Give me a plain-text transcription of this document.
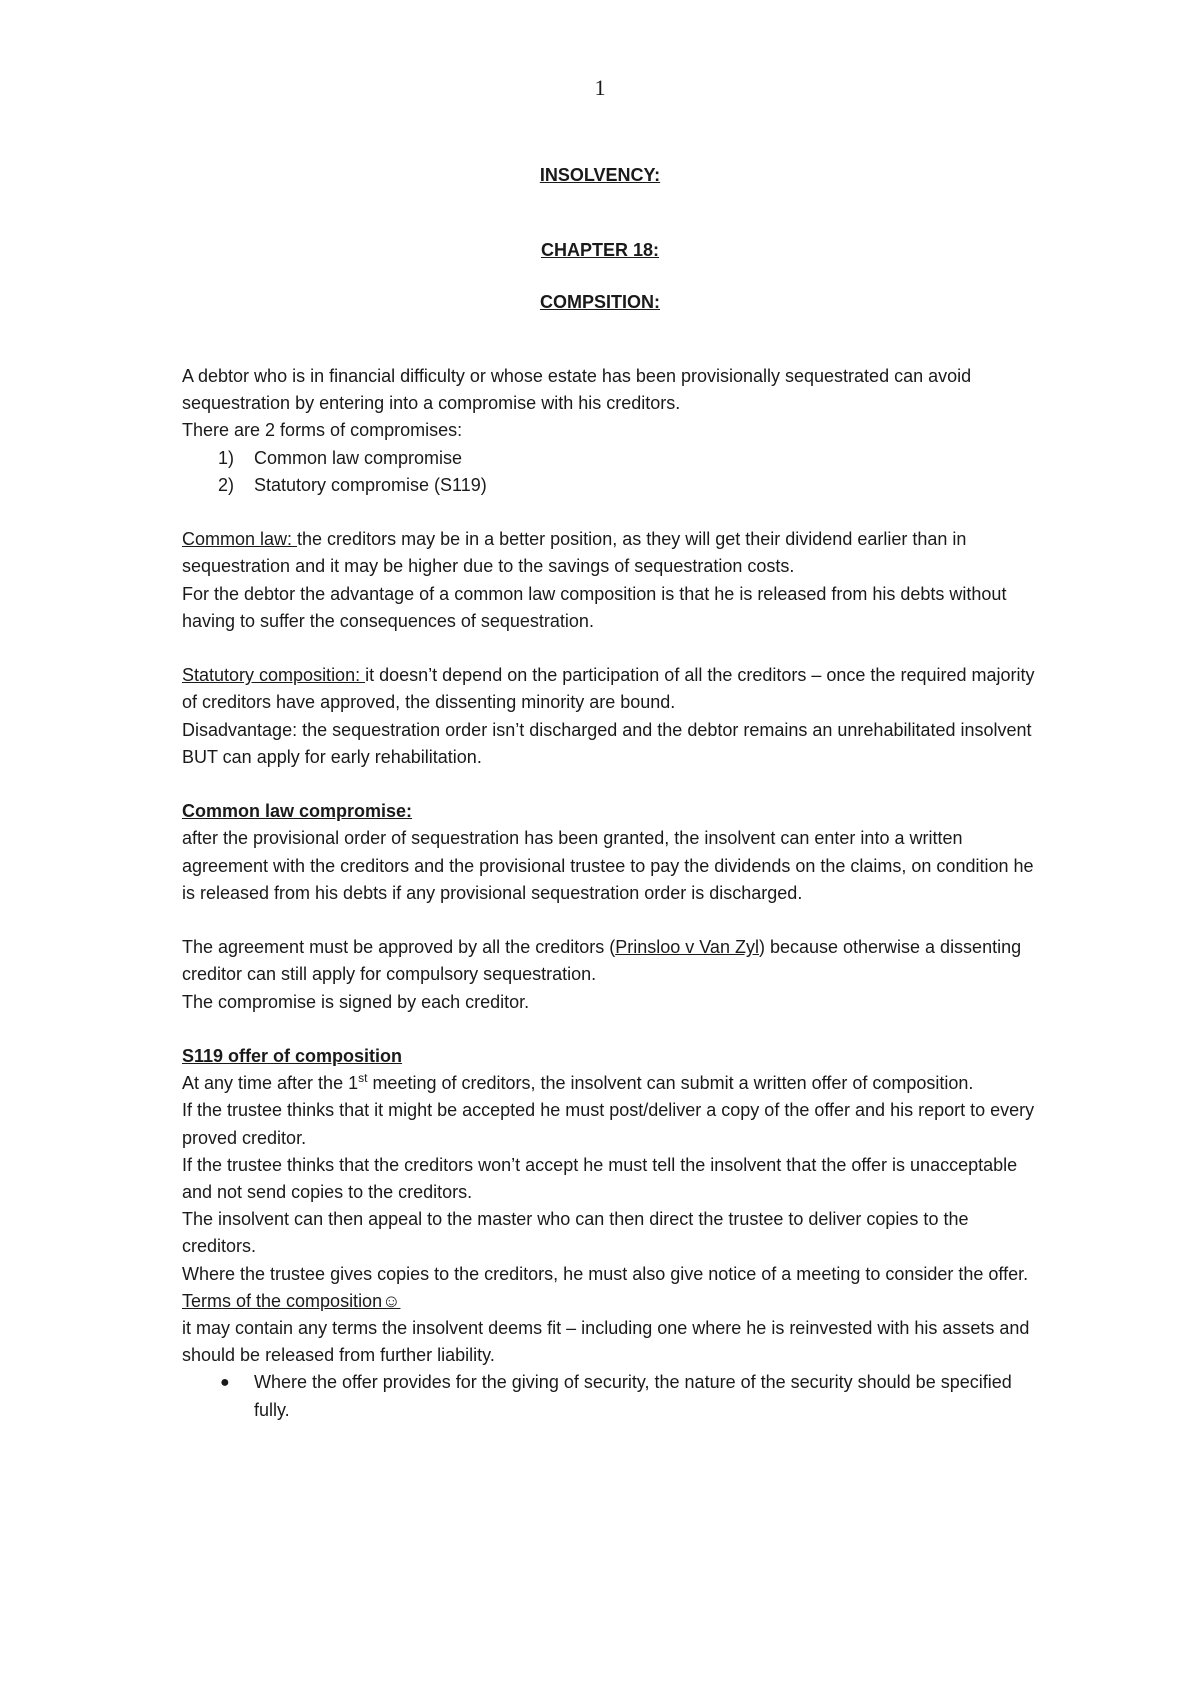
1
INSOLVENCY:
CHAPTER 18:
COMPSITION:

A debtor who is in financial difficulty or whose estate has been provisionally sequestrated can avoid sequestration by entering into a compromise with his creditors.

There are 2 forms of compromises:

1) Common law compromise
2) Statutory compromise (S119)

Common law: the creditors may be in a better position, as they will get their dividend earlier than in sequestration and it may be higher due to the savings of sequestration costs.

For the debtor the advantage of a common law composition is that he is released from his debts without having to suffer the consequences of sequestration.

Statutory composition: it doesn’t depend on the participation of all the creditors – once the required majority of creditors have approved, the dissenting minority are bound.

Disadvantage: the sequestration order isn’t discharged and the debtor remains an unrehabilitated insolvent BUT can apply for early rehabilitation.

Common law compromise:

after the provisional order of sequestration has been granted, the insolvent can enter into a written agreement with the creditors and the provisional trustee to pay the dividends on the claims, on condition he is released from his debts if any provisional sequestration order is discharged.

The agreement must be approved by all the creditors (Prinsloo v Van Zyl) because otherwise a dissenting creditor can still apply for compulsory sequestration.

The compromise is signed by each creditor.

S119 offer of composition

At any time after the 1st meeting of creditors, the insolvent can submit a written offer of composition.

If the trustee thinks that it might be accepted he must post/deliver a copy of the offer and his report to every proved creditor.

If the trustee thinks that the creditors won’t accept he must tell the insolvent that the offer is unacceptable and not send copies to the creditors.

The insolvent can then appeal to the master who can then direct the trustee to deliver copies to the creditors.

Where the trustee gives copies to the creditors, he must also give notice of a meeting to consider the offer.

Terms of the composition☺

it may contain any terms the insolvent deems fit – including one where he is reinvested with his assets and should be released from further liability.

● Where the offer provides for the giving of security, the nature of the security should be specified fully.
